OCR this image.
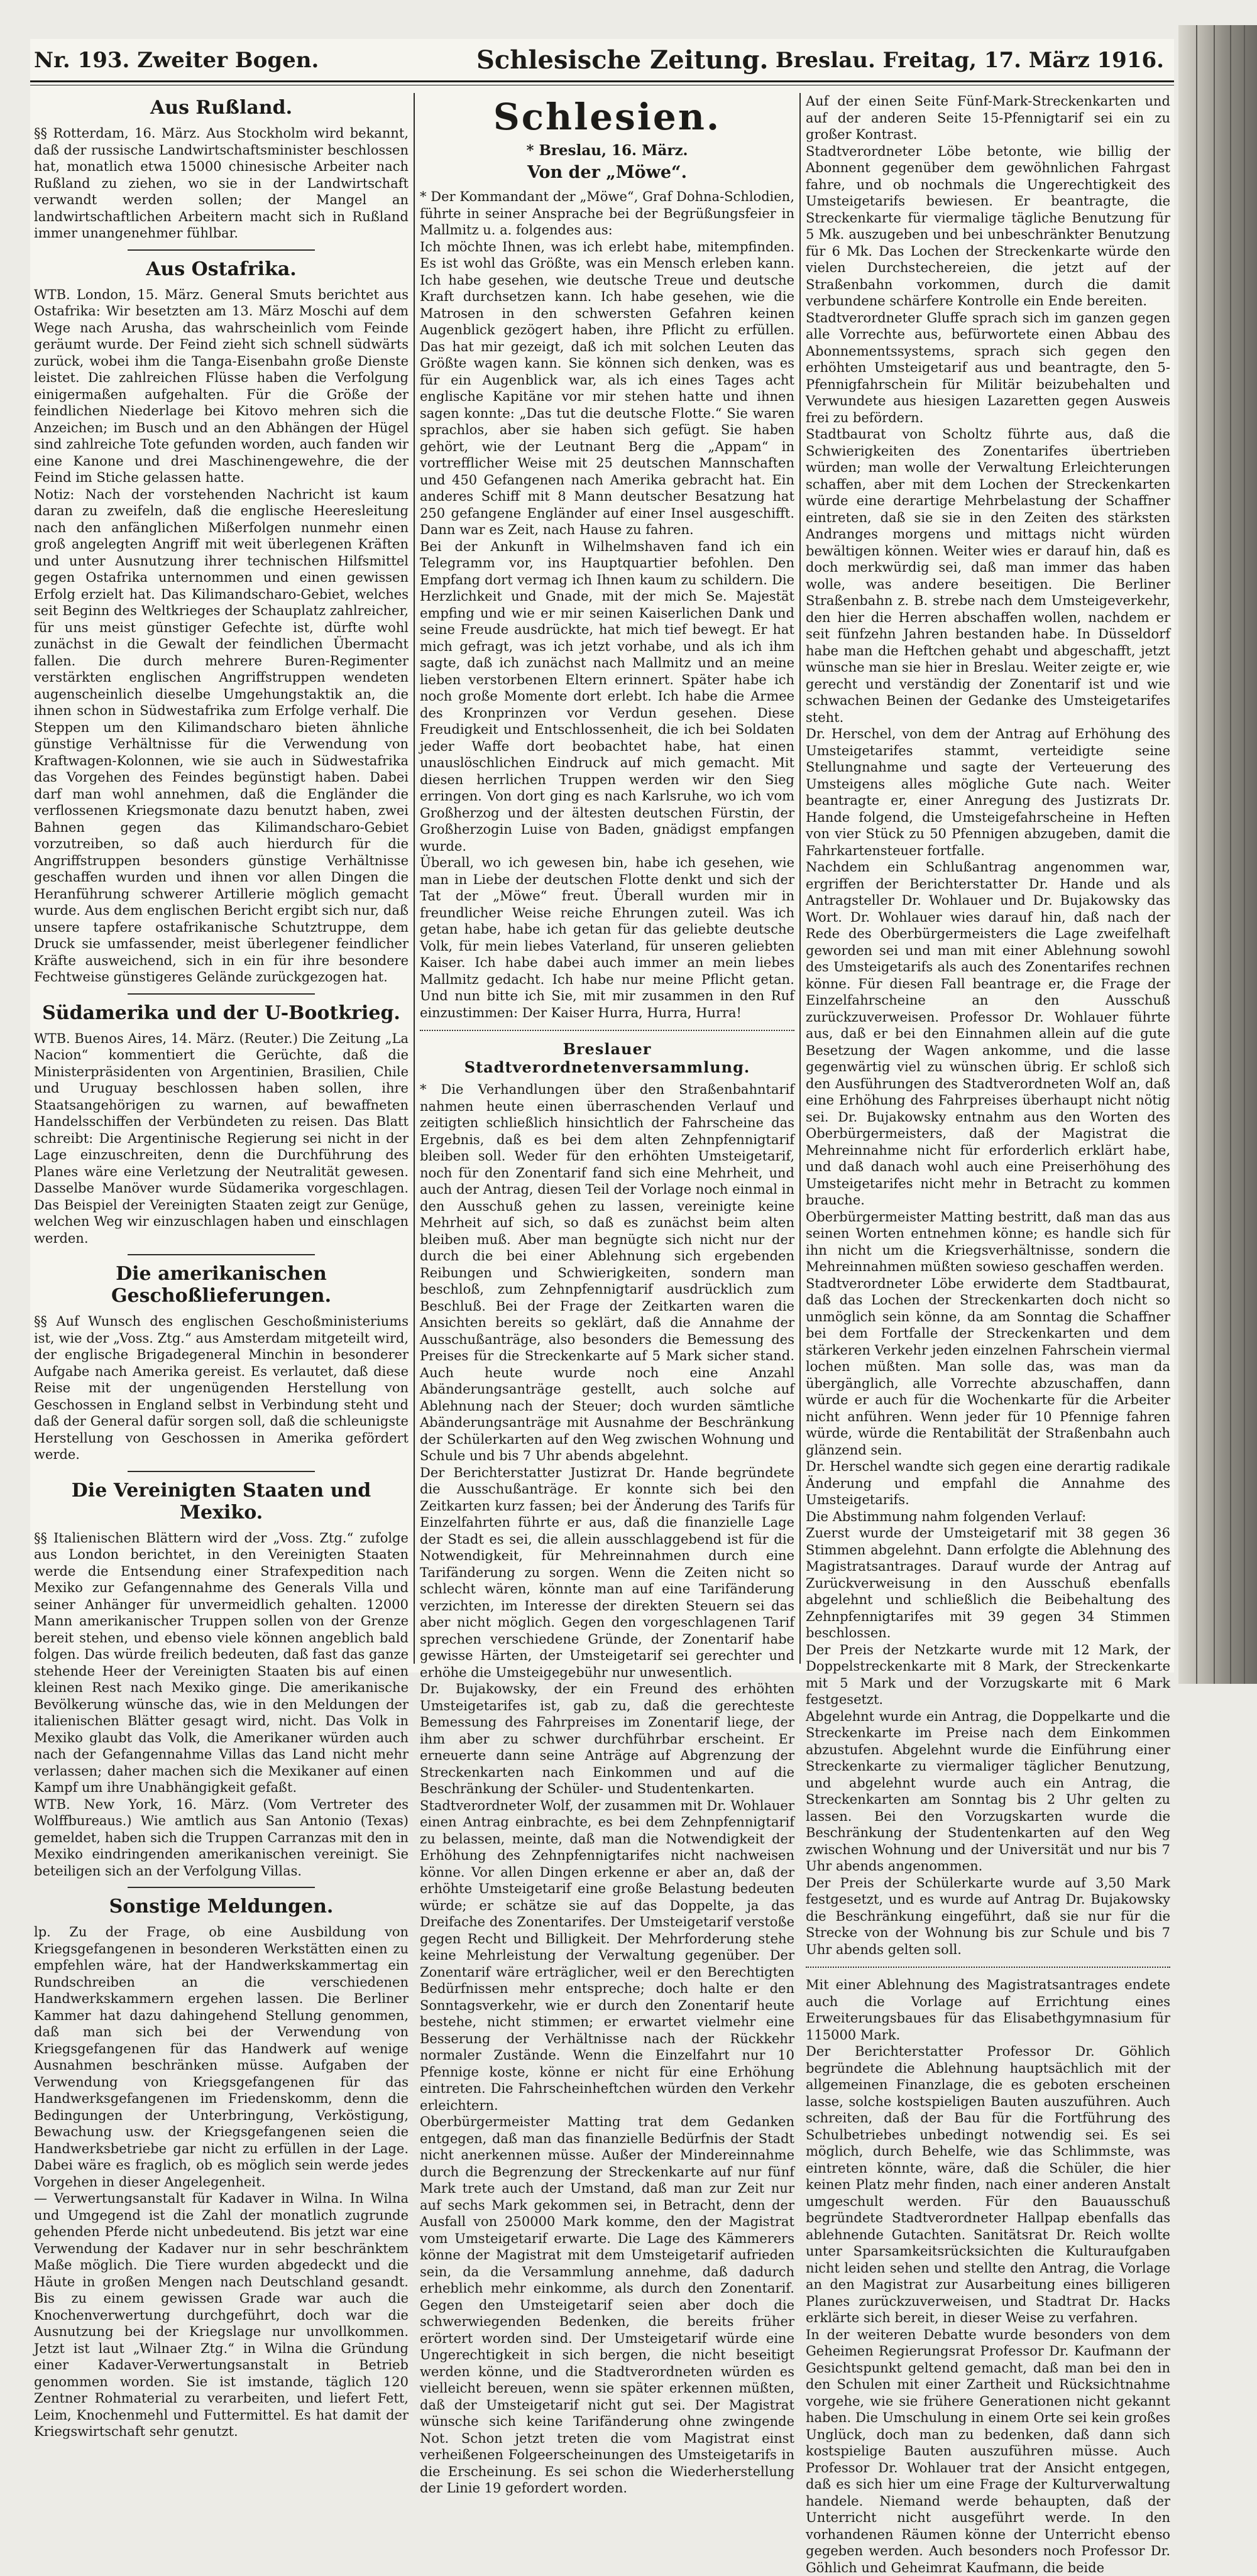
Nr. 193. Zweiter Bogen.	Schlesische Zeitung. Breslau. Freitag, 17. März 1916.
Aus Rußland.

§§ Rotterdam, 16. März. Aus Stockholm wird bekannt, daß der russische Landwirtschaftsminister beschlossen hat, monatlich etwa 15000 chinesische Arbeiter nach Rußland zu ziehen, wo sie in der Landwirtschaft verwandt werden sollen; der Mangel an landwirtschaftlichen Arbeitern macht sich in Rußland immer unangenehmer fühlbar.

Aus Ostafrika.

WTB. London, 15. März. General Smuts berichtet aus Ostafrika: Wir besetzten am 13. März Moschi auf dem Wege nach Arusha, das wahrscheinlich vom Feinde geräumt wurde. Der Feind zieht sich schnell südwärts zurück, wobei ihm die Tanga-Eisenbahn große Dienste leistet. Die zahlreichen Flüsse haben die Verfolgung einigermaßen aufgehalten. Für die Größe der feindlichen Niederlage bei Kitovo mehren sich die Anzeichen; im Busch und an den Abhängen der Hügel sind zahlreiche Tote gefunden worden, auch fanden wir eine Kanone und drei Maschinengewehre, die der Feind im Stiche gelassen hatte.
Notiz: Nach der vorstehenden Nachricht ist kaum daran zu zweifeln, daß die englische Heeresleitung nach den anfänglichen Mißerfolgen nunmehr einen groß angelegten Angriff mit weit überlegenen Kräften und unter Ausnutzung ihrer technischen Hilfsmittel gegen Ostafrika unternommen und einen gewissen Erfolg erzielt hat. Das Kilimandscharo-Gebiet, welches seit Beginn des Weltkrieges der Schauplatz zahlreicher, für uns meist günstiger Gefechte ist, dürfte wohl zunächst in die Gewalt der feindlichen Übermacht fallen. Die durch mehrere Buren-Regimenter verstärkten englischen Angriffstruppen wendeten augenscheinlich dieselbe Umgehungstaktik an, die ihnen schon in Südwestafrika zum Erfolge verhalf. Die Steppen um den Kilimandscharo bieten ähnliche günstige Verhältnisse für die Verwendung von Kraftwagen-Kolonnen, wie sie auch in Südwestafrika das Vorgehen des Feindes begünstigt haben. Dabei darf man wohl annehmen, daß die Engländer die verflossenen Kriegsmonate dazu benutzt haben, zwei Bahnen gegen das Kilimandscharo-Gebiet vorzutreiben, so daß auch hierdurch für die Angriffstruppen besonders günstige Verhältnisse geschaffen wurden und ihnen vor allen Dingen die Heranführung schwerer Artillerie möglich gemacht wurde. Aus dem englischen Bericht ergibt sich nur, daß unsere tapfere ostafrikanische Schutztruppe, dem Druck sie umfassender, meist überlegener feindlicher Kräfte ausweichend, sich in ein für ihre besondere Fechtweise günstigeres Gelände zurückgezogen hat.

Südamerika und der U-Bootkrieg.

WTB. Buenos Aires, 14. März. (Reuter.) Die Zeitung „La Nacion“ kommentiert die Gerüchte, daß die Ministerpräsidenten von Argentinien, Brasilien, Chile und Uruguay beschlossen haben sollen, ihre Staatsangehörigen zu warnen, auf bewaffneten Handelsschiffen der Verbündeten zu reisen. Das Blatt schreibt: Die Argentinische Regierung sei nicht in der Lage einzuschreiten, denn die Durchführung des Planes wäre eine Verletzung der Neutralität gewesen. Dasselbe Manöver wurde Südamerika vorgeschlagen. Das Beispiel der Vereinigten Staaten zeigt zur Genüge, welchen Weg wir einzuschlagen haben und einschlagen werden.

Die amerikanischen Geschoßlieferungen.

§§ Auf Wunsch des englischen Geschoßministeriums ist, wie der „Voss. Ztg.“ aus Amsterdam mitgeteilt wird, der englische Brigadegeneral Minchin in besonderer Aufgabe nach Amerika gereist. Es verlautet, daß diese Reise mit der ungenügenden Herstellung von Geschossen in England selbst in Verbindung steht und daß der General dafür sorgen soll, daß die schleunigste Herstellung von Geschossen in Amerika gefördert werde.

Die Vereinigten Staaten und Mexiko.

§§ Italienischen Blättern wird der „Voss. Ztg.“ zufolge aus London berichtet, in den Vereinigten Staaten werde die Entsendung einer Strafexpedition nach Mexiko zur Gefangennahme des Generals Villa und seiner Anhänger für unvermeidlich gehalten. 12000 Mann amerikanischer Truppen sollen von der Grenze bereit stehen, und ebenso viele können angeblich bald folgen. Das würde freilich bedeuten, daß fast das ganze stehende Heer der Vereinigten Staaten bis auf einen kleinen Rest nach Mexiko ginge. Die amerikanische Bevölkerung wünsche das, wie in den Meldungen der italienischen Blätter gesagt wird, nicht. Das Volk in Mexiko glaubt das Volk, die Amerikaner würden auch nach der Gefangennahme Villas das Land nicht mehr verlassen; daher machen sich die Mexikaner auf einen Kampf um ihre Unabhängigkeit gefaßt.
WTB. New York, 16. März. (Vom Vertreter des Wolffbureaus.) Wie amtlich aus San Antonio (Texas) gemeldet, haben sich die Truppen Carranzas mit den in Mexiko eindringenden amerikanischen vereinigt. Sie beteiligen sich an der Verfolgung Villas.

Sonstige Meldungen.

lp. Zu der Frage, ob eine Ausbildung von Kriegsgefangenen in besonderen Werkstätten einen zu empfehlen wäre, hat der Handwerkskammertag ein Rundschreiben an die verschiedenen Handwerkskammern ergehen lassen. Die Berliner Kammer hat dazu dahingehend Stellung genommen, daß man sich bei der Verwendung von Kriegsgefangenen für das Handwerk auf wenige Ausnahmen beschränken müsse. Aufgaben der Verwendung von Kriegsgefangenen für das Handwerksgefangenen im Friedenskomm, denn die Bedingungen der Unterbringung, Verköstigung, Bewachung usw. der Kriegsgefangenen seien die Handwerksbetriebe gar nicht zu erfüllen in der Lage. Dabei wäre es fraglich, ob es möglich sein werde jedes Vorgehen in dieser Angelegenheit.
— Verwertungsanstalt für Kadaver in Wilna. In Wilna und Umgegend ist die Zahl der monatlich zugrunde gehenden Pferde nicht unbedeutend. Bis jetzt war eine Verwendung der Kadaver nur in sehr beschränktem Maße möglich. Die Tiere wurden abgedeckt und die Häute in großen Mengen nach Deutschland gesandt. Bis zu einem gewissen Grade war auch die Knochenverwertung durchgeführt, doch war die Ausnutzung bei der Kriegslage nur unvollkommen. Jetzt ist laut „Wilnaer Ztg.“ in Wilna die Gründung einer Kadaver-Verwertungsanstalt in Betrieb genommen worden. Sie ist imstande, täglich 120 Zentner Rohmaterial zu verarbeiten, und liefert Fett, Leim, Knochenmehl und Futtermittel. Es hat damit der Kriegswirtschaft sehr genutzt.

Schlesien.
* Breslau, 16. März.
Von der „Möwe“.

* Der Kommandant der „Möwe“, Graf Dohna-Schlodien, führte in seiner Ansprache bei der Begrüßungsfeier in Mallmitz u. a. folgendes aus:
Ich möchte Ihnen, was ich erlebt habe, mitempfinden. Es ist wohl das Größte, was ein Mensch erleben kann. Ich habe gesehen, wie deutsche Treue und deutsche Kraft durchsetzen kann. Ich habe gesehen, wie die Matrosen in den schwersten Gefahren keinen Augenblick gezögert haben, ihre Pflicht zu erfüllen. Das hat mir gezeigt, daß ich mit solchen Leuten das Größte wagen kann. Sie können sich denken, was es für ein Augenblick war, als ich eines Tages acht englische Kapitäne vor mir stehen hatte und ihnen sagen konnte: „Das tut die deutsche Flotte.“ Sie waren sprachlos, aber sie haben sich gefügt. Sie haben gehört, wie der Leutnant Berg die „Appam“ in vortrefflicher Weise mit 25 deutschen Mannschaften und 450 Gefangenen nach Amerika gebracht hat. Ein anderes Schiff mit 8 Mann deutscher Besatzung hat 250 gefangene Engländer auf einer Insel ausgeschifft. Dann war es Zeit, nach Hause zu fahren.
Bei der Ankunft in Wilhelmshaven fand ich ein Telegramm vor, ins Hauptquartier befohlen. Den Empfang dort vermag ich Ihnen kaum zu schildern. Die Herzlichkeit und Gnade, mit der mich Se. Majestät empfing und wie er mir seinen Kaiserlichen Dank und seine Freude ausdrückte, hat mich tief bewegt. Er hat mich gefragt, was ich jetzt vorhabe, und als ich ihm sagte, daß ich zunächst nach Mallmitz und an meine lieben verstorbenen Eltern erinnert. Später habe ich noch große Momente dort erlebt. Ich habe die Armee des Kronprinzen vor Verdun gesehen. Diese Freudigkeit und Entschlossenheit, die ich bei Soldaten jeder Waffe dort beobachtet habe, hat einen unauslöschlichen Eindruck auf mich gemacht. Mit diesen herrlichen Truppen werden wir den Sieg erringen. Von dort ging es nach Karlsruhe, wo ich vom Großherzog und der ältesten deutschen Fürstin, der Großherzogin Luise von Baden, gnädigst empfangen wurde.
Überall, wo ich gewesen bin, habe ich gesehen, wie man in Liebe der deutschen Flotte denkt und sich der Tat der „Möwe“ freut. Überall wurden mir in freundlicher Weise reiche Ehrungen zuteil. Was ich getan habe, habe ich getan für das geliebte deutsche Volk, für mein liebes Vaterland, für unseren geliebten Kaiser. Ich habe dabei auch immer an mein liebes Mallmitz gedacht. Ich habe nur meine Pflicht getan. Und nun bitte ich Sie, mit mir zusammen in den Ruf einzustimmen: Der Kaiser Hurra, Hurra, Hurra!

Breslauer Stadtverordnetenversammlung.

* Die Verhandlungen über den Straßenbahntarif nahmen heute einen überraschenden Verlauf und zeitigten schließlich hinsichtlich der Fahrscheine das Ergebnis, daß es bei dem alten Zehnpfennigtarif bleiben soll. Weder für den erhöhten Umsteigetarif, noch für den Zonentarif fand sich eine Mehrheit, und auch der Antrag, diesen Teil der Vorlage noch einmal in den Ausschuß gehen zu lassen, vereinigte keine Mehrheit auf sich, so daß es zunächst beim alten bleiben muß. Aber man begnügte sich nicht nur der durch die bei einer Ablehnung sich ergebenden Reibungen und Schwierigkeiten, sondern man beschloß, zum Zehnpfennigtarif ausdrücklich zum Beschluß. Bei der Frage der Zeitkarten waren die Ansichten bereits so geklärt, daß die Annahme der Ausschußanträge, also besonders die Bemessung des Preises für die Streckenkarte auf 5 Mark sicher stand. Auch heute wurde noch eine Anzahl Abänderungsanträge gestellt, auch solche auf Ablehnung nach der Steuer; doch wurden sämtliche Abänderungsanträge mit Ausnahme der Beschränkung der Schülerkarten auf den Weg zwischen Wohnung und Schule und bis 7 Uhr abends abgelehnt.
Der Berichterstatter Justizrat Dr. Hande begründete die Ausschußanträge. Er konnte sich bei den Zeitkarten kurz fassen; bei der Änderung des Tarifs für Einzelfahrten führte er aus, daß die finanzielle Lage der Stadt es sei, die allein ausschlaggebend ist für die Notwendigkeit, für Mehreinnahmen durch eine Tarifänderung zu sorgen. Wenn die Zeiten nicht so schlecht wären, könnte man auf eine Tarifänderung verzichten, im Interesse der direkten Steuern sei das aber nicht möglich. Gegen den vorgeschlagenen Tarif sprechen verschiedene Gründe, der Zonentarif habe gewisse Härten, der Umsteigetarif sei gerechter und erhöhe die Umsteigegebühr nur unwesentlich.
Dr. Bujakowsky, der ein Freund des erhöhten Umsteigetarifes ist, gab zu, daß die gerechteste Bemessung des Fahrpreises im Zonentarif liege, der ihm aber zu schwer durchführbar erscheint. Er erneuerte dann seine Anträge auf Abgrenzung der Streckenkarten nach Einkommen und auf die Beschränkung der Schüler- und Studentenkarten.
Stadtverordneter Wolf, der zusammen mit Dr. Wohlauer einen Antrag einbrachte, es bei dem Zehnpfennigtarif zu belassen, meinte, daß man die Notwendigkeit der Erhöhung des Zehnpfennigtarifes nicht nachweisen könne. Vor allen Dingen erkenne er aber an, daß der erhöhte Umsteigetarif eine große Belastung bedeuten würde; er schätze sie auf das Doppelte, ja das Dreifache des Zonentarifes. Der Umsteigetarif verstoße gegen Recht und Billigkeit. Der Mehrforderung stehe keine Mehrleistung der Verwaltung gegenüber. Der Zonentarif wäre erträglicher, weil er den Berechtigten Bedürfnissen mehr entspreche; doch halte er den Sonntagsverkehr, wie er durch den Zonentarif heute bestehe, nicht stimmen; er erwartet vielmehr eine Besserung der Verhältnisse nach der Rückkehr normaler Zustände. Wenn die Einzelfahrt nur 10 Pfennige koste, könne er nicht für eine Erhöhung eintreten. Die Fahrscheinheftchen würden den Verkehr erleichtern.
Oberbürgermeister Matting trat dem Gedanken entgegen, daß man das finanzielle Bedürfnis der Stadt nicht anerkennen müsse. Außer der Mindereinnahme durch die Begrenzung der Streckenkarte auf nur fünf Mark trete auch der Umstand, daß man zur Zeit nur auf sechs Mark gekommen sei, in Betracht, denn der Ausfall von 250000 Mark komme, den der Magistrat vom Umsteigetarif erwarte. Die Lage des Kämmerers könne der Magistrat mit dem Umsteigetarif aufrieden sein, da die Versammlung annehme, daß dadurch erheblich mehr einkomme, als durch den Zonentarif. Gegen den Umsteigetarif seien aber doch die schwerwiegenden Bedenken, die bereits früher erörtert worden sind. Der Umsteigetarif würde eine Ungerechtigkeit in sich bergen, die nicht beseitigt werden könne, und die Stadtverordneten würden es vielleicht bereuen, wenn sie später erkennen müßten, daß der Umsteigetarif nicht gut sei. Der Magistrat wünsche sich keine Tarifänderung ohne zwingende Not. Schon jetzt treten die vom Magistrat einst verheißenen Folgeerscheinungen des Umsteigetarifs in die Erscheinung. Es sei schon die Wiederherstellung der Linie 19 gefordert worden.

Auf der einen Seite Fünf-Mark-Streckenkarten und auf der anderen Seite 15-Pfennigtarif sei ein zu großer Kontrast.
Stadtverordneter Löbe betonte, wie billig der Abonnent gegenüber dem gewöhnlichen Fahrgast fahre, und ob nochmals die Ungerechtigkeit des Umsteigetarifs bewiesen. Er beantragte, die Streckenkarte für viermalige tägliche Benutzung für 5 Mk. auszugeben und bei unbeschränkter Benutzung für 6 Mk. Das Lochen der Streckenkarte würde den vielen Durchstechereien, die jetzt auf der Straßenbahn vorkommen, durch die damit verbundene schärfere Kontrolle ein Ende bereiten.
Stadtverordneter Gluffe sprach sich im ganzen gegen alle Vorrechte aus, befürwortete einen Abbau des Abonnementssystems, sprach sich gegen den erhöhten Umsteigetarif aus und beantragte, den 5-Pfennigfahrschein für Militär beizubehalten und Verwundete aus hiesigen Lazaretten gegen Ausweis frei zu befördern.
Stadtbaurat von Scholtz führte aus, daß die Schwierigkeiten des Zonentarifes übertrieben würden; man wolle der Verwaltung Erleichterungen schaffen, aber mit dem Lochen der Streckenkarten würde eine derartige Mehrbelastung der Schaffner eintreten, daß sie sie in den Zeiten des stärksten Andranges morgens und mittags nicht würden bewältigen können. Weiter wies er darauf hin, daß es doch merkwürdig sei, daß man immer das haben wolle, was andere beseitigen. Die Berliner Straßenbahn z. B. strebe nach dem Umsteigeverkehr, den hier die Herren abschaffen wollen, nachdem er seit fünfzehn Jahren bestanden habe. In Düsseldorf habe man die Heftchen gehabt und abgeschafft, jetzt wünsche man sie hier in Breslau. Weiter zeigte er, wie gerecht und verständig der Zonentarif ist und wie schwachen Beinen der Gedanke des Umsteigetarifes steht.
Dr. Herschel, von dem der Antrag auf Erhöhung des Umsteigetarifes stammt, verteidigte seine Stellungnahme und sagte der Verteuerung des Umsteigens alles mögliche Gute nach. Weiter beantragte er, einer Anregung des Justizrats Dr. Hande folgend, die Umsteigefahrscheine in Heften von vier Stück zu 50 Pfennigen abzugeben, damit die Fahrkartensteuer fortfalle.
Nachdem ein Schlußantrag angenommen war, ergriffen der Berichterstatter Dr. Hande und als Antragsteller Dr. Wohlauer und Dr. Bujakowsky das Wort. Dr. Wohlauer wies darauf hin, daß nach der Rede des Oberbürgermeisters die Lage zweifelhaft geworden sei und man mit einer Ablehnung sowohl des Umsteigetarifs als auch des Zonentarifes rechnen könne. Für diesen Fall beantrage er, die Frage der Einzelfahrscheine an den Ausschuß zurückzuverweisen. Professor Dr. Wohlauer führte aus, daß er bei den Einnahmen allein auf die gute Besetzung der Wagen ankomme, und die lasse gegenwärtig viel zu wünschen übrig. Er schloß sich den Ausführungen des Stadtverordneten Wolf an, daß eine Erhöhung des Fahrpreises überhaupt nicht nötig sei. Dr. Bujakowsky entnahm aus den Worten des Oberbürgermeisters, daß der Magistrat die Mehreinnahme nicht für erforderlich erklärt habe, und daß danach wohl auch eine Preiserhöhung des Umsteigetarifes nicht mehr in Betracht zu kommen brauche.
Oberbürgermeister Matting bestritt, daß man das aus seinen Worten entnehmen könne; es handle sich für ihn nicht um die Kriegsverhältnisse, sondern die Mehreinnahmen müßten sowieso geschaffen werden.
Stadtverordneter Löbe erwiderte dem Stadtbaurat, daß das Lochen der Streckenkarten doch nicht so unmöglich sein könne, da am Sonntag die Schaffner bei dem Fortfalle der Streckenkarten und dem stärkeren Verkehr jeden einzelnen Fahrschein viermal lochen müßten. Man solle das, was man da übergänglich, alle Vorrechte abzuschaffen, dann würde er auch für die Wochenkarte für die Arbeiter nicht anführen. Wenn jeder für 10 Pfennige fahren würde, würde die Rentabilität der Straßenbahn auch glänzend sein.
Dr. Herschel wandte sich gegen eine derartig radikale Änderung und empfahl die Annahme des Umsteigetarifs.
Die Abstimmung nahm folgenden Verlauf:
Zuerst wurde der Umsteigetarif mit 38 gegen 36 Stimmen abgelehnt. Dann erfolgte die Ablehnung des Magistratsantrages. Darauf wurde der Antrag auf Zurückverweisung in den Ausschuß ebenfalls abgelehnt und schließlich die Beibehaltung des Zehnpfennigtarifes mit 39 gegen 34 Stimmen beschlossen.
Der Preis der Netzkarte wurde mit 12 Mark, der Doppelstreckenkarte mit 8 Mark, der Streckenkarte mit 5 Mark und der Vorzugskarte mit 6 Mark festgesetzt.
Abgelehnt wurde ein Antrag, die Doppelkarte und die Streckenkarte im Preise nach dem Einkommen abzustufen. Abgelehnt wurde die Einführung einer Streckenkarte zu viermaliger täglicher Benutzung, und abgelehnt wurde auch ein Antrag, die Streckenkarten am Sonntag bis 2 Uhr gelten zu lassen. Bei den Vorzugskarten wurde die Beschränkung der Studentenkarten auf den Weg zwischen Wohnung und der Universität und nur bis 7 Uhr abends angenommen.
Der Preis der Schülerkarte wurde auf 3,50 Mark festgesetzt, und es wurde auf Antrag Dr. Bujakowsky die Beschränkung eingeführt, daß sie nur für die Strecke von der Wohnung bis zur Schule und bis 7 Uhr abends gelten soll.

Mit einer Ablehnung des Magistratsantrages endete auch die Vorlage auf Errichtung eines Erweiterungsbaues für das Elisabethgymnasium für 115000 Mark.
Der Berichterstatter Professor Dr. Göhlich begründete die Ablehnung hauptsächlich mit der allgemeinen Finanzlage, die es geboten erscheinen lasse, solche kostspieligen Bauten auszuführen. Auch schreiten, daß der Bau für die Fortführung des Schulbetriebes unbedingt notwendig sei. Es sei möglich, durch Behelfe, wie das Schlimmste, was eintreten könnte, wäre, daß die Schüler, die hier keinen Platz mehr finden, nach einer anderen Anstalt umgeschult werden. Für den Bauausschuß begründete Stadtverordneter Hallpap ebenfalls das ablehnende Gutachten. Sanitätsrat Dr. Reich wollte unter Sparsamkeitsrücksichten die Kulturaufgaben nicht leiden sehen und stellte den Antrag, die Vorlage an den Magistrat zur Ausarbeitung eines billigeren Planes zurückzuverweisen, und Stadtrat Dr. Hacks erklärte sich bereit, in dieser Weise zu verfahren.
In der weiteren Debatte wurde besonders von dem Geheimen Regierungsrat Professor Dr. Kaufmann der Gesichtspunkt geltend gemacht, daß man bei den in den Schulen mit einer Zartheit und Rücksichtnahme vorgehe, wie sie frühere Generationen nicht gekannt haben. Die Umschulung in einem Orte sei kein großes Unglück, doch man zu bedenken, daß dann sich kostspielige Bauten auszuführen müsse. Auch Professor Dr. Wohlauer trat der Ansicht entgegen, daß es sich hier um eine Frage der Kulturverwaltung handele. Niemand werde behaupten, daß der Unterricht nicht ausgeführt werde. In den vorhandenen Räumen könne der Unterricht ebenso gegeben werden. Auch besonders noch Professor Dr. Göhlich und Geheimrat Kaufmann, die beide
